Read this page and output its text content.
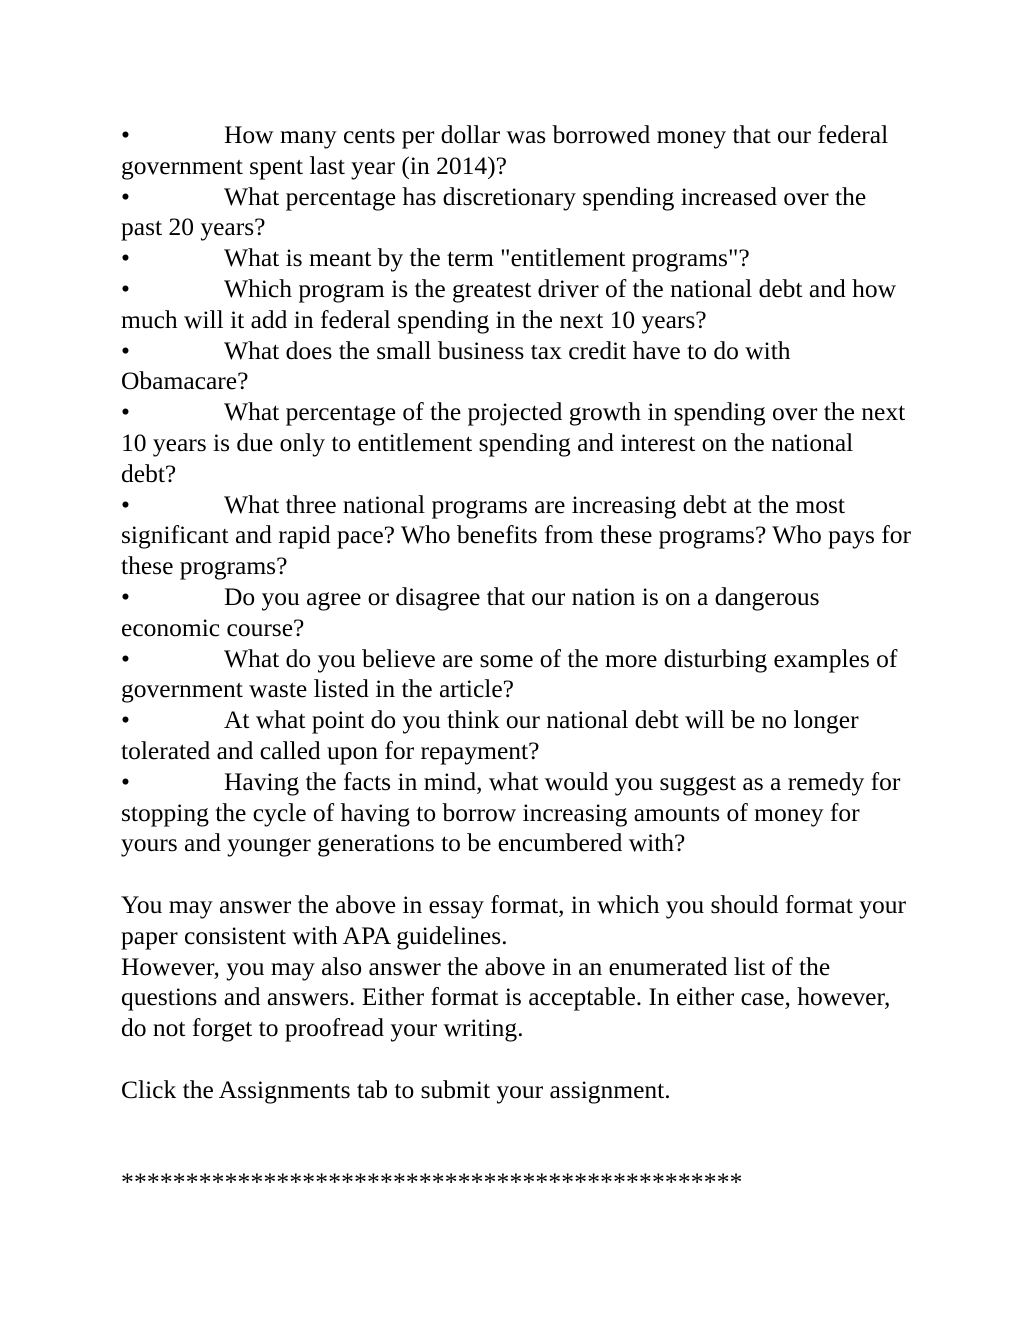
•	How many cents per dollar was borrowed money that our federal government spent last year (in 2014)?

•	What percentage has discretionary spending increased over the past 20 years?

•	What is meant by the term "entitlement programs"?

•	Which program is the greatest driver of the national debt and how much will it add in federal spending in the next 10 years?

•	What does the small business tax credit have to do with Obamacare?

•	What percentage of the projected growth in spending over the next 10 years is due only to entitlement spending and interest on the national debt?

•	What three national programs are increasing debt at the most significant and rapid pace? Who benefits from these programs? Who pays for these programs?

•	Do you agree or disagree that our nation is on a dangerous economic course?

•	What do you believe are some of the more disturbing examples of government waste listed in the article?

•	At what point do you think our national debt will be no longer tolerated and called upon for repayment?

•	Having the facts in mind, what would you suggest as a remedy for stopping the cycle of having to borrow increasing amounts of money for yours and younger generations to be encumbered with?

You may answer the above in essay format, in which you should format your paper consistent with APA guidelines.

However, you may also answer the above in an enumerated list of the questions and answers. Either format is acceptable. In either case, however, do not forget to proofread your writing.

Click the Assignments tab to submit your assignment.

************************************************
